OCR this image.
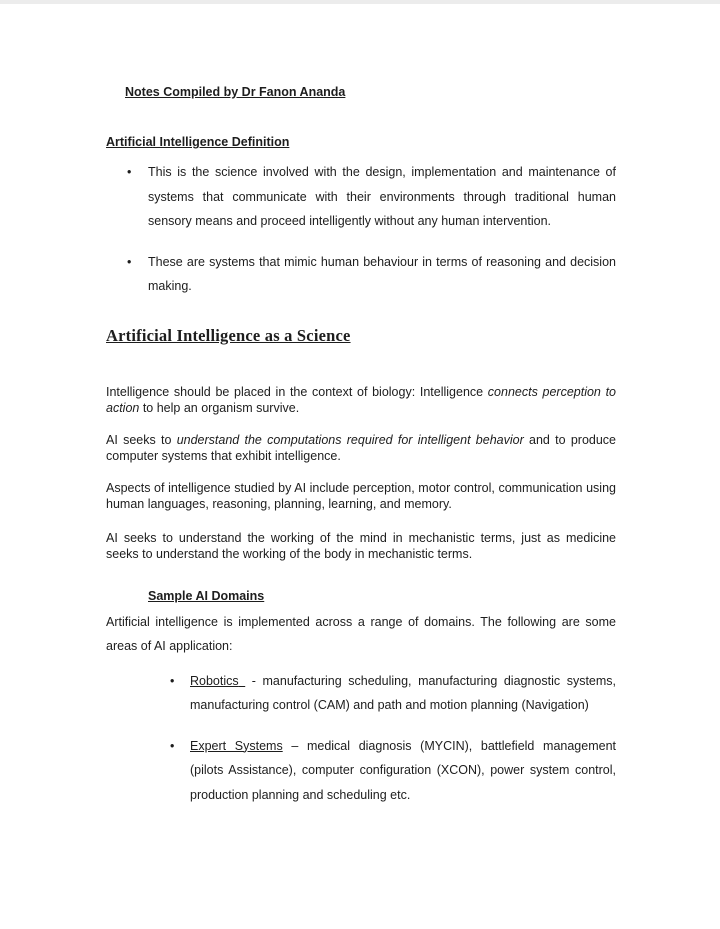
Notes Compiled by Dr Fanon Ananda
Artificial Intelligence Definition
• This is the science involved with the design, implementation and maintenance of systems that communicate with their environments through traditional human sensory means and proceed intelligently without any human intervention.
• These are systems that mimic human behaviour in terms of reasoning and decision making.
Artificial Intelligence as a Science

Intelligence should be placed in the context of biology: Intelligence connects perception to action to help an organism survive.

AI seeks to understand the computations required for intelligent behavior and to produce computer systems that exhibit intelligence.

Aspects of intelligence studied by AI include perception, motor control, communication using human languages, reasoning, planning, learning, and memory.

AI seeks to understand the working of the mind in mechanistic terms, just as medicine seeks to understand the working of the body in mechanistic terms.

Sample AI Domains

Artificial intelligence is implemented across a range of domains. The following are some areas of AI application:

• Robotics - manufacturing scheduling, manufacturing diagnostic systems, manufacturing control (CAM) and path and motion planning (Navigation)
• Expert Systems – medical diagnosis (MYCIN), battlefield management (pilots Assistance), computer configuration (XCON), power system control, production planning and scheduling etc.
